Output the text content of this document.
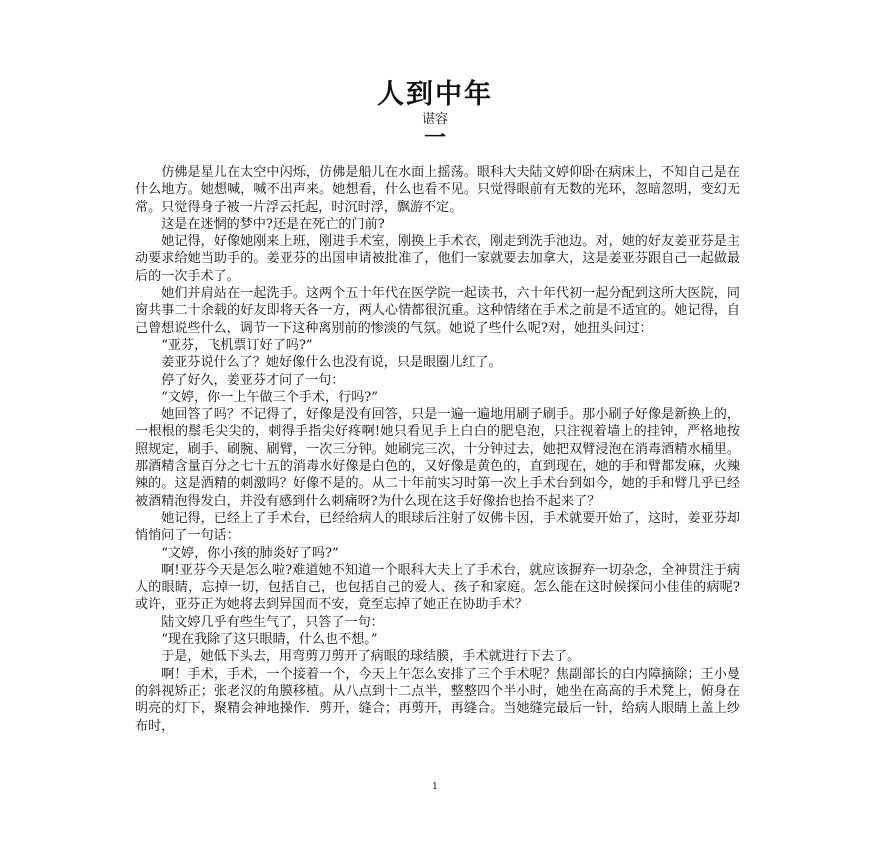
人到中年
谌容
一

仿佛是星儿在太空中闪烁，仿佛是船儿在水面上摇荡。眼科大夫陆文婷仰卧在病床上，不知自己是在什么地方。她想喊，喊不出声来。她想看，什么也看不见。只觉得眼前有无数的光环，忽暗忽明，变幻无常。只觉得身子被一片浮云托起，时沉时浮，飘游不定。

这是在迷惘的梦中?还是在死亡的门前?

她记得，好像她刚来上班，刚进手术室，刚换上手术衣，刚走到洗手池边。对，她的好友姜亚芬是主动要求给她当助手的。姜亚芬的出国申请被批准了，他们一家就要去加拿大，这是姜亚芬跟自己一起做最后的一次手术了。

她们并肩站在一起洗手。这两个五十年代在医学院一起读书，六十年代初一起分配到这所大医院，同窗共事二十余载的好友即将天各一方，两人心情都很沉重。这种情绪在手术之前是不适宜的。她记得，自己曾想说些什么，调节一下这种离别前的惨淡的气氛。她说了些什么呢?对，她扭头问过：

“亚芬，飞机票订好了吗?”

姜亚芬说什么了？她好像什么也没有说，只是眼圈儿红了。

停了好久，姜亚芬才问了一句：

“文婷，你一上午做三个手术，行吗?”

她回答了吗？不记得了，好像是没有回答，只是一遍一遍地用刷子刷手。那小刷子好像是新换上的，一根根的鬃毛尖尖的，刺得手指尖好疼啊!她只看见手上白白的肥皂泡，只注视着墙上的挂钟，严格地按照规定，刷手、刷腕、刷臂，一次三分钟。她刷完三次，十分钟过去，她把双臂浸泡在消毒酒精水桶里。那酒精含量百分之七十五的消毒水好像是白色的，又好像是黄色的，直到现在，她的手和臂都发麻，火辣辣的。这是酒精的刺激吗？好像不是的。从二十年前实习时第一次上手术台到如今，她的手和臂几乎已经被酒精泡得发白，并没有感到什么刺痛呀?为什么现在这手好像抬也抬不起来了？

她记得，已经上了手术台，已经给病人的眼球后注射了奴佛卡因，手术就要开始了，这时，姜亚芬却悄悄问了一句话：

“文婷，你小孩的肺炎好了吗?”

啊!亚芬今天是怎么啦?难道她不知道一个眼科大夫上了手术台，就应该摒弃一切杂念，全神贯注于病人的眼睛，忘掉一切，包括自己，也包括自己的爱人、孩子和家庭。怎么能在这时候探问小佳佳的病呢?或许，亚芬正为她将去到异国而不安，竟至忘掉了她正在协助手术？

陆文婷几乎有些生气了，只答了一句：

“现在我除了这只眼睛，什么也不想。”

于是，她低下头去，用弯剪刀剪开了病眼的球结膜，手术就进行下去了。

啊！手术，手术，一个接着一个，今天上午怎么安排了三个手术呢？焦副部长的白内障摘除；王小曼的斜视矫正；张老汉的角膜移植。从八点到十二点半，整整四个半小时，她坐在高高的手术凳上，俯身在明亮的灯下，聚精会神地操作．剪开，缝合；再剪开，再缝合。当她缝完最后一针，给病人眼睛上盖上纱布时，

1
